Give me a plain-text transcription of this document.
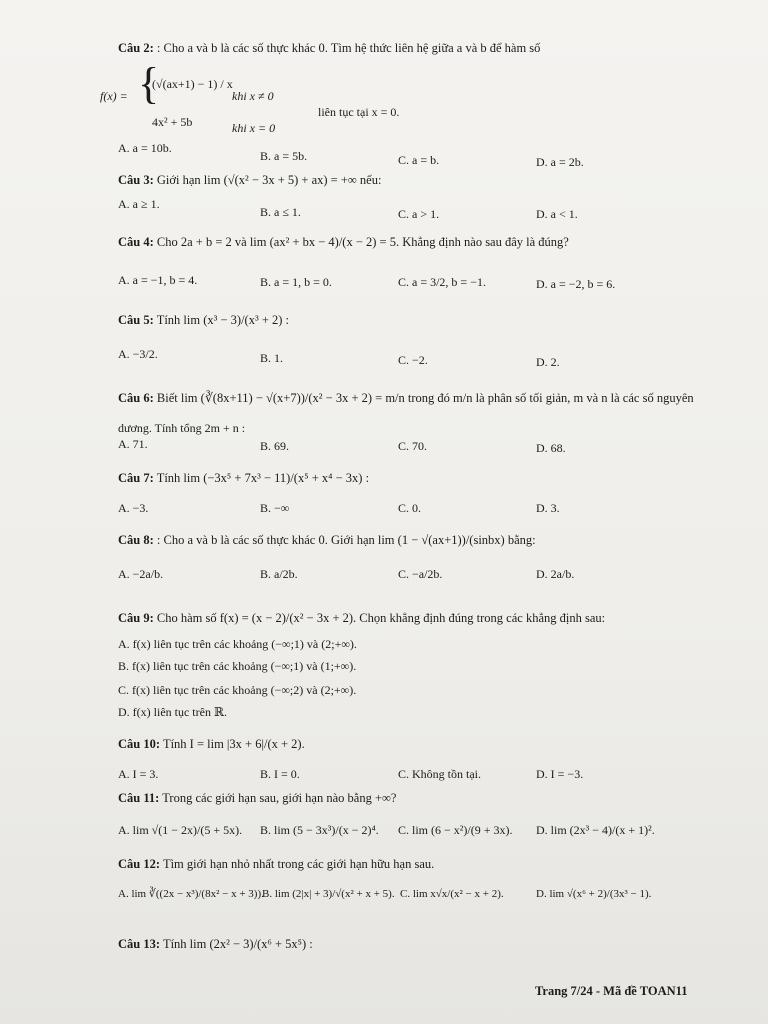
Câu 2: : Cho a và b là các số thực khác 0. Tìm hệ thức liên hệ giữa a và b để hàm số
f(x) = {
(√(ax+1) − 1) / x
khi x ≠ 0
4x² + 5b	khi x = 0
liên tục tại x = 0.
A. a = 10b.
B. a = 5b.	C. a = b.	D. a = 2b.
Câu 3: Giới hạn lim (√(x² − 3x + 5) + ax) = +∞ nếu:
A. a ≥ 1.
B. a ≤ 1.	C. a > 1.	D. a < 1.
Câu 4: Cho 2a + b = 2 và lim (ax² + bx − 4)/(x − 2) = 5. Khẳng định nào sau đây là đúng?
A. a = −1, b = 4.	B. a = 1, b = 0.	C. a = 3/2, b = −1.	D. a = −2, b = 6.
Câu 5: Tính lim (x³ − 3)/(x³ + 2) :
A. −3/2.	B. 1.	C. −2.	D. 2.
Câu 6: Biết lim (∛(8x+11) − √(x+7))/(x² − 3x + 2) = m/n trong đó m/n là phân số tối giản, m và n là các số nguyên
dương. Tính tổng 2m + n :
A. 71.	B. 69.	C. 70.	D. 68.
Câu 7: Tính lim (−3x⁵ + 7x³ − 11)/(x⁵ + x⁴ − 3x) :
A. −3.	B. −∞	C. 0.	D. 3.
Câu 8: : Cho a và b là các số thực khác 0. Giới hạn lim (1 − √(ax+1))/(sinbx) bằng:
A. −2a/b.	B. a/2b.	C. −a/2b.	D. 2a/b.
Câu 9: Cho hàm số f(x) = (x − 2)/(x² − 3x + 2). Chọn khẳng định đúng trong các khẳng định sau:
A. f(x) liên tục trên các khoảng (−∞;1) và (2;+∞).
B. f(x) liên tục trên các khoảng (−∞;1) và (1;+∞).
C. f(x) liên tục trên các khoảng (−∞;2) và (2;+∞).
D. f(x) liên tục trên ℝ.
Câu 10: Tính I = lim |3x + 6|/(x + 2).
A. I = 3.	B. I = 0.	C. Không tồn tại.	D. I = −3.
Câu 11: Trong các giới hạn sau, giới hạn nào bằng +∞?
A. lim √(1 − 2x)/(5 + 5x). B. lim (5 − 3x³)/(x − 2)⁴. C. lim (6 − x²)/(9 + 3x). D. lim (2x³ − 4)/(x + 1)².
Câu 12: Tìm giới hạn nhỏ nhất trong các giới hạn hữu hạn sau.
A. lim ∛((2x − x³)/(8x² − x + 3)).
B. lim (2|x| + 3)/√(x² + x + 5). C. lim x√x/(x² − x + 2).	D. lim √(x⁶ + 2)/(3x³ − 1).
Câu 13: Tính lim (2x² − 3)/(x⁶ + 5x⁵) :
Trang 7/24 - Mã đề TOAN11
